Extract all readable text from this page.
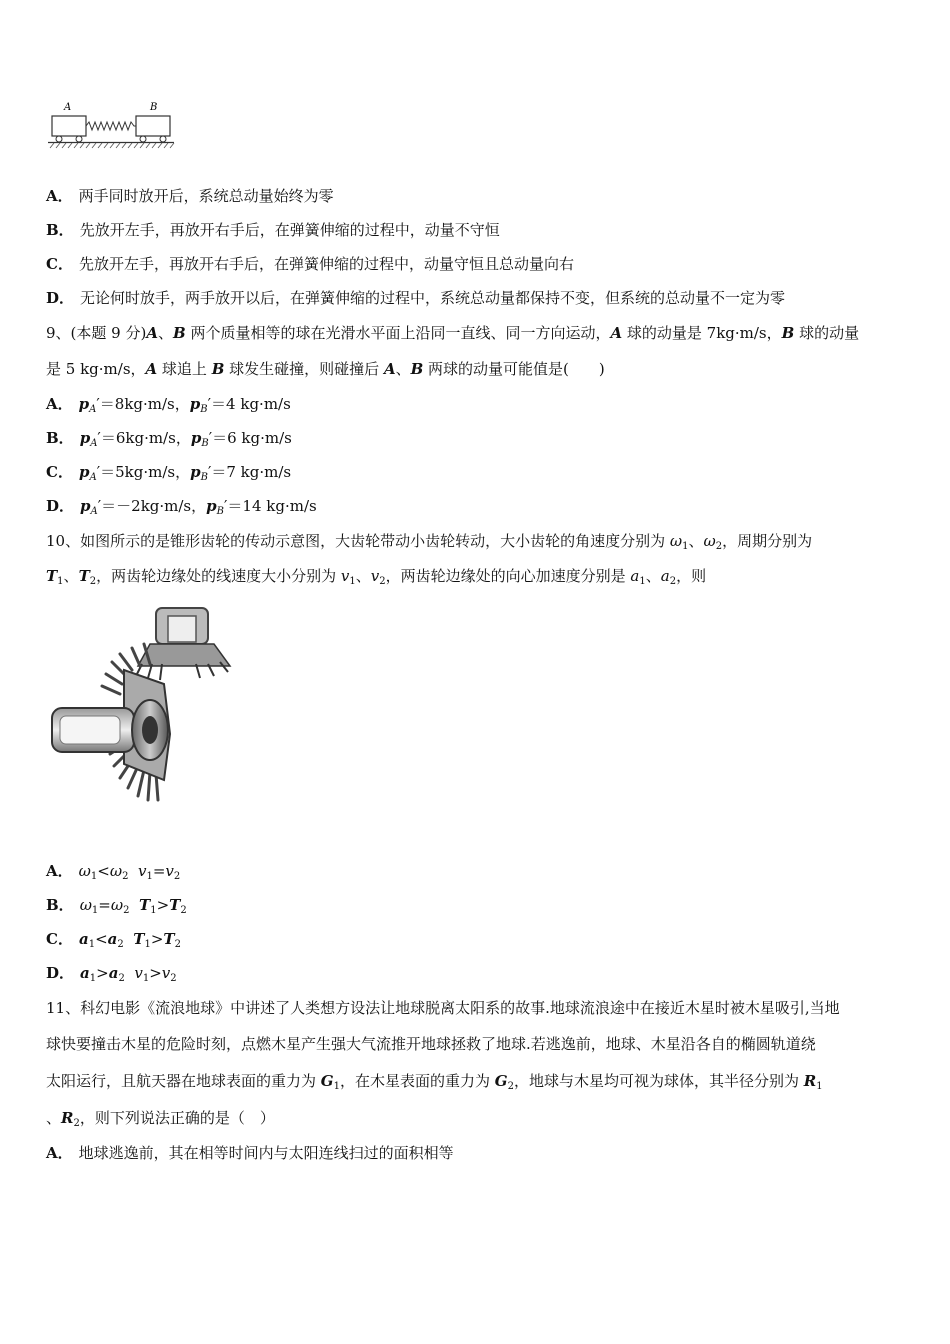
A	B
A． 两手同时放开后，系统总动量始终为零
B． 先放开左手，再放开右手后，在弹簧伸缩的过程中，动量不守恒
C． 先放开左手，再放开右手后，在弹簧伸缩的过程中，动量守恒且总动量向右
D． 无论何时放手，两手放开以后，在弹簧伸缩的过程中，系统总动量都保持不变，但系统的总动量不一定为零
9、(本题 9 分)A、B 两个质量相等的球在光滑水平面上沿同一直线、同一方向运动，A 球的动量是 7kg·m/s，B 球的动量
是 5 kg·m/s，A 球追上 B 球发生碰撞，则碰撞后 A、B 两球的动量可能值是(　　)
A． $p_A'=8kg\cdot m/s$，$p_B'=4$ kg·m/s
B． $p_A'=6kg\cdot m/s$，$p_B'=6$ kg·m/s
C． $p_A'=5kg\cdot m/s$，$p_B'=7$ kg·m/s
D． $p_A'=-2kg\cdot m/s$，$p_B'=14$ kg·m/s
10、如图所示的是锥形齿轮的传动示意图，大齿轮带动小齿轮转动，大小齿轮的角速度分别为 $\omega_1$、$\omega_2$，周期分别为
$T_1$、$T_2$，两齿轮边缘处的线速度大小分别为 $v_1$、$v_2$，两齿轮边缘处的向心加速度分别是 $a_1$、$a_2$，则
A． $\omega_1<\omega_2$ $v_1=v_2$
B． $\omega_1=\omega_2$ $T_1>T_2$
C． $a_1<a_2$ $T_1>T_2$
D． $a_1>a_2$ $v_1>v_2$
11、科幻电影《流浪地球》中讲述了人类想方设法让地球脱离太阳系的故事.地球流浪途中在接近木星时被木星吸引,当地
球快要撞击木星的危险时刻，点燃木星产生强大气流推开地球拯救了地球.若逃逸前，地球、木星沿各自的椭圆轨道绕
太阳运行，且航天器在地球表面的重力为 $G_1$，在木星表面的重力为 $G_2$，地球与木星均可视为球体，其半径分别为 $R_1$
、$R_2$，则下列说法正确的是（　）
A． 地球逃逸前，其在相等时间内与太阳连线扫过的面积相等
